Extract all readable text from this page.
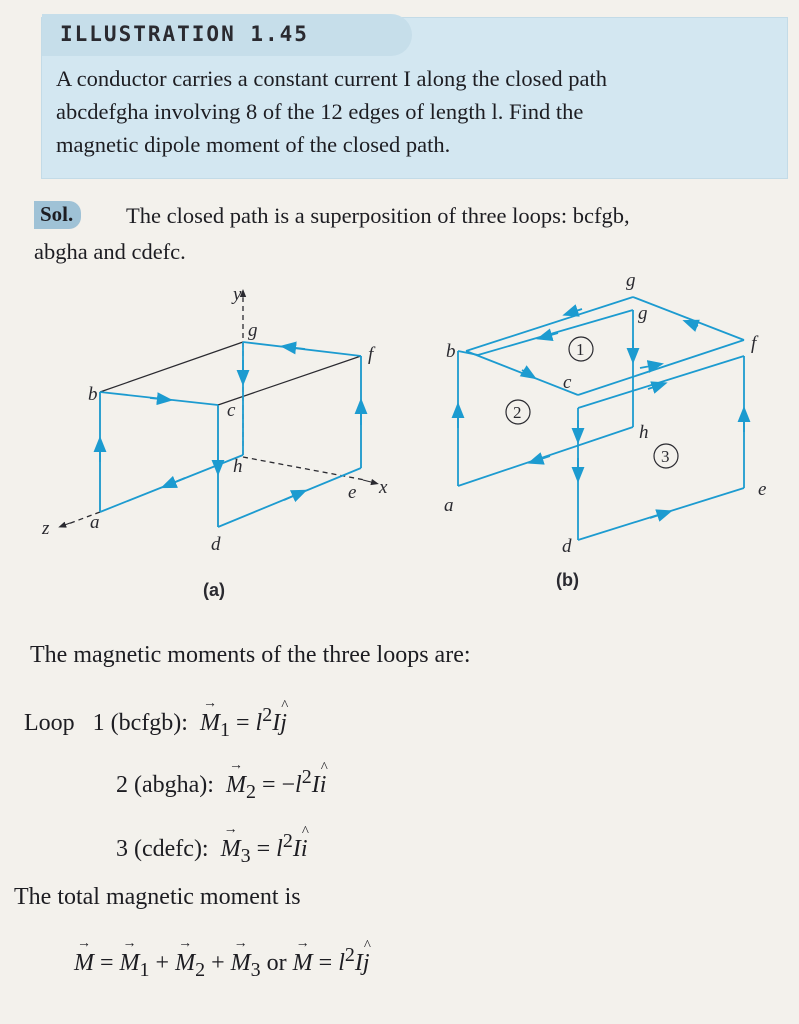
ILLUSTRATION 1.45
A conductor carries a constant current I along the closed path
abcdefgha involving 8 of the 12 edges of length l. Find the
magnetic dipole moment of the closed path.
Sol.	The closed path is a superposition of three loops: bcfgb,
abgha and cdefc.
y
x
z
g
f
b
c
h
e
a
d
(a)
1
2
3
g
g
b	f
c
h
a
e
d
(b)
The magnetic moments of the three loops are:
Loop 1 (bcfgb): → $M_1$ = $l^2I\^{}$ j
2 (abgha): → $M_2$ = $-l^2I\^{}$ i
3 (cdefc): → $M_3$ = $l^2I\^{}$ i
The total magnetic moment is
→ M = → $M_1$ + → $M_2$ + → $M_3$ or → $M = l^2I\^{}$ j
